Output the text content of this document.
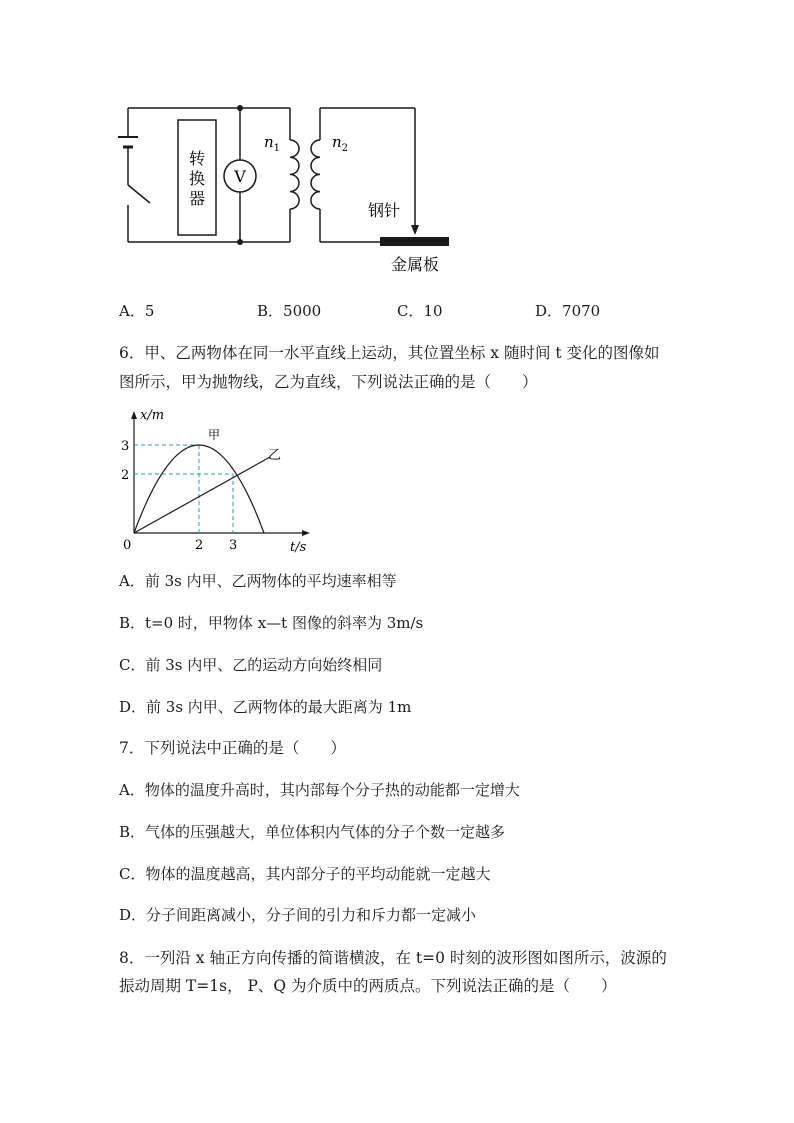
转
换
器
V
$n_1$	$n_2$
钢针
金属板
A．5	B．5000	C．10	D．7070
6．甲、乙两物体在同一水平直线上运动，其位置坐标 x 随时间 t 变化的图像如
图所示，甲为抛物线，乙为直线，下列说法正确的是（　　）
x/m
t/s
0
3
2
2 3
甲
乙
A．前 3s 内甲、乙两物体的平均速率相等
B．t=0 时，甲物体 x—t 图像的斜率为 3m/s
C．前 3s 内甲、乙的运动方向始终相同
D．前 3s 内甲、乙两物体的最大距离为 1m
7．下列说法中正确的是（　　）
A．物体的温度升高时，其内部每个分子热的动能都一定增大
B．气体的压强越大，单位体积内气体的分子个数一定越多
C．物体的温度越高，其内部分子的平均动能就一定越大
D．分子间距离减小，分子间的引力和斥力都一定减小
8．一列沿 x 轴正方向传播的简谐横波，在 t=0 时刻的波形图如图所示，波源的振动周期 T=1s， P、Q 为介质中的两质点。下列说法正确的是（　　）
